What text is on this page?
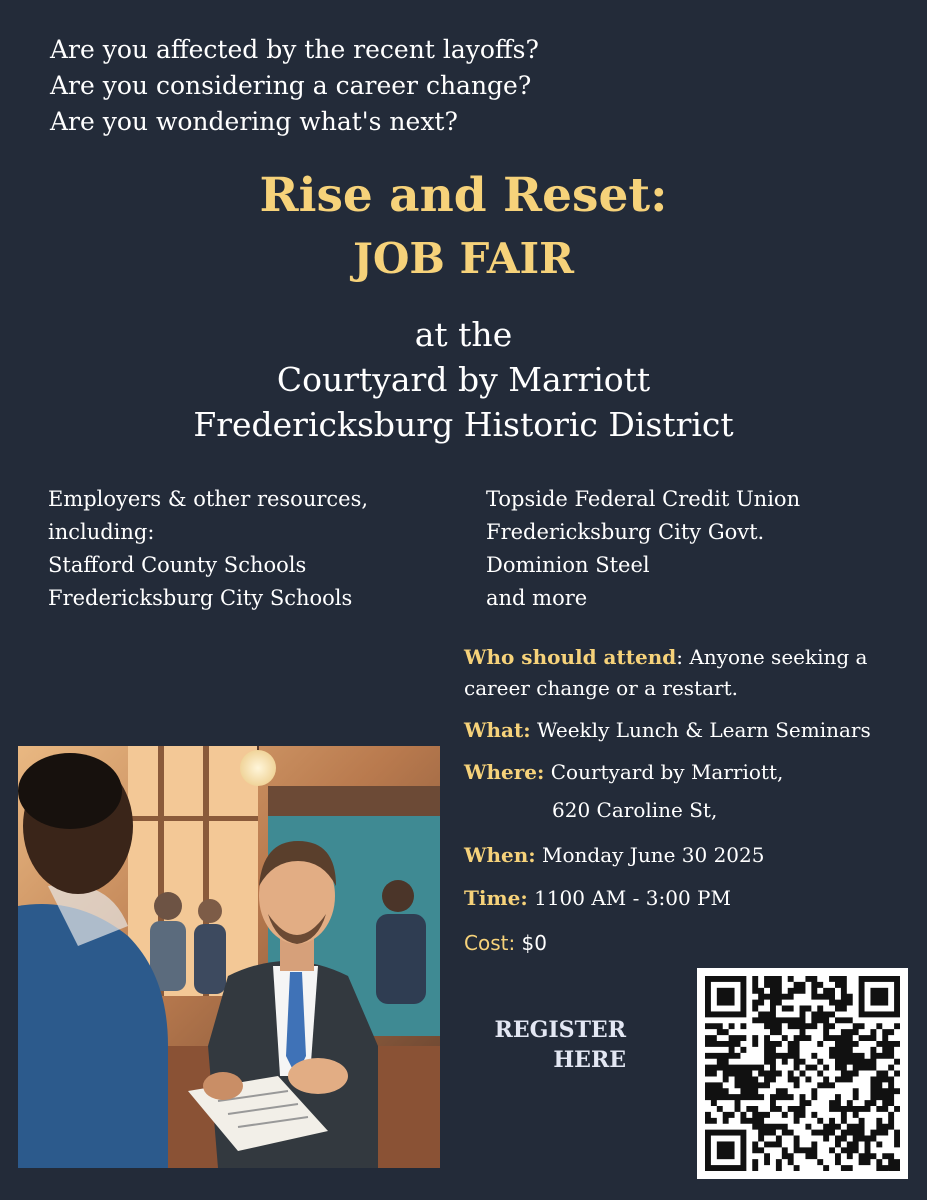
Are you affected by the recent layoffs?
Are you considering a career change?
Are you wondering what's next?
Rise and Reset:
JOB FAIR
at the
Courtyard by Marriott
Fredericksburg Historic District
Employers & other resources,
including:
Stafford County Schools
Fredericksburg City Schools
Topside Federal Credit Union
Fredericksburg City Govt.
Dominion Steel
and more
Who should attend: Anyone seeking a
career change or a restart.
What: Weekly Lunch & Learn Seminars
Where: Courtyard by Marriott,
620 Caroline St,
When: Monday June 30 2025
Time: 1100 AM - 3:00 PM
Cost: $0
REGISTER
HERE
